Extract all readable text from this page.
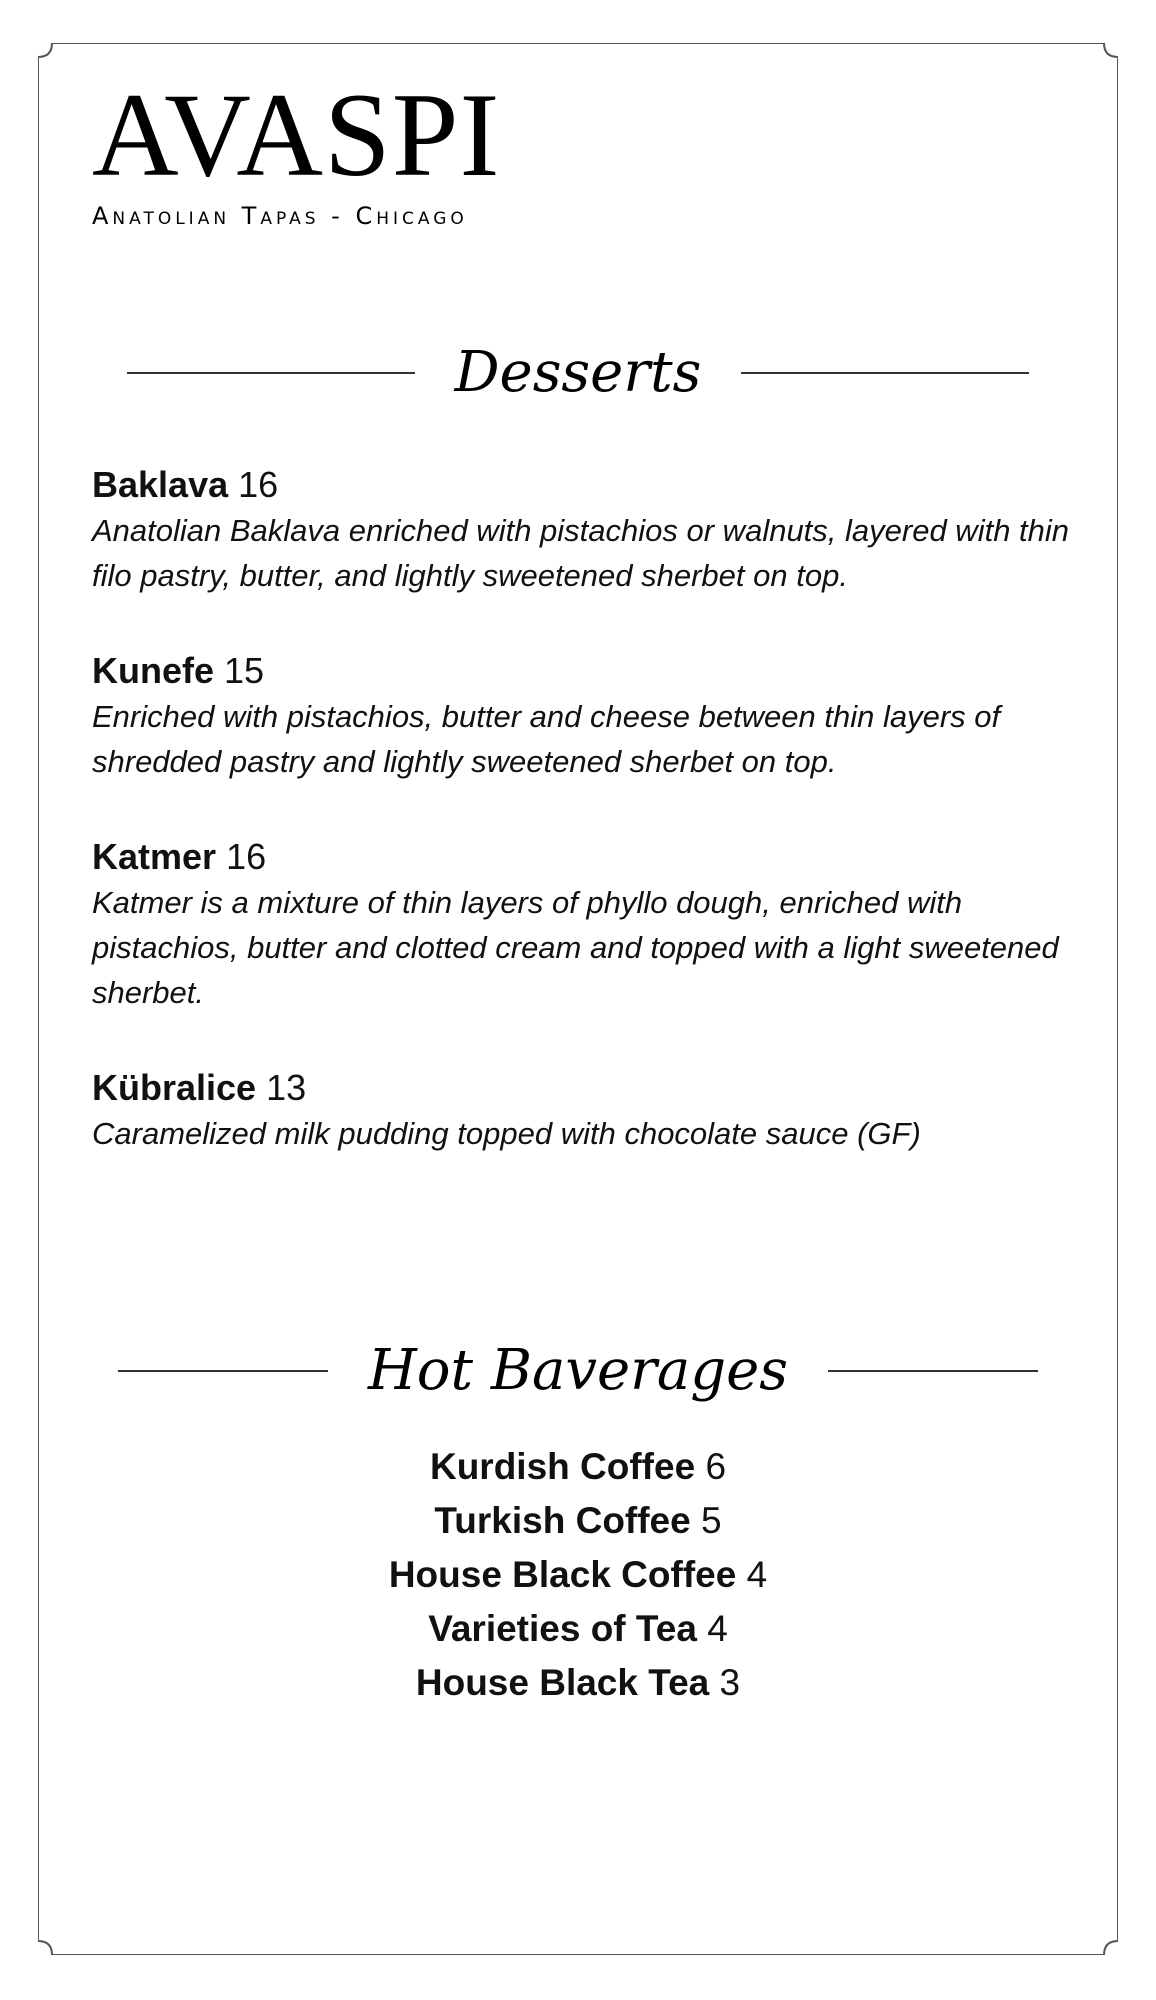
AVASPI
Anatolian Tapas - Chicago
Desserts
Baklava 16
Anatolian Baklava enriched with pistachios or walnuts, layered with thin filo pastry, butter, and lightly sweetened sherbet on top.
Kunefe 15
Enriched with pistachios, butter and cheese between thin layers of shredded pastry and lightly sweetened sherbet on top.
Katmer 16
Katmer is a mixture of thin layers of phyllo dough, enriched with pistachios, butter and clotted cream and topped with a light sweetened sherbet.
Kübralice 13
Caramelized milk pudding topped with chocolate sauce (GF)
Hot Baverages
Kurdish Coffee 6
Turkish Coffee 5
House Black Coffee 4
Varieties of Tea 4
House Black Tea 3
